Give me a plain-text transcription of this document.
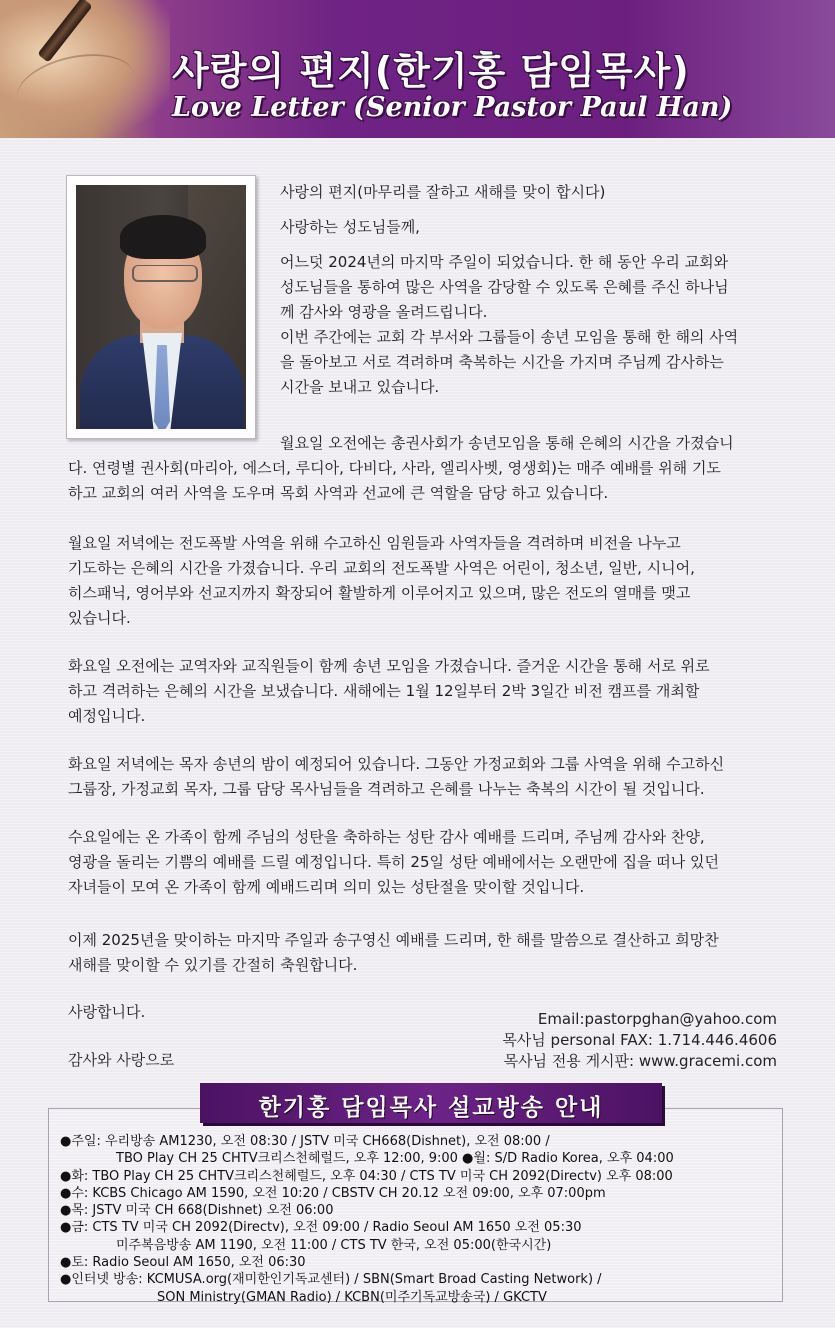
사랑의 편지(한기홍 담임목사)
Love Letter (Senior Pastor Paul Han)

사랑의 편지(마무리를 잘하고 새해를 맞이 합시다)

사랑하는 성도님들께,

어느덧 2024년의 마지막 주일이 되었습니다. 한 해 동안 우리 교회와

성도님들을 통하여 많은 사역을 감당할 수 있도록 은혜를 주신 하나님

께 감사와 영광을 올려드립니다.

이번 주간에는 교회 각 부서와 그룹들이 송년 모임을 통해 한 해의 사역

을 돌아보고 서로 격려하며 축복하는 시간을 가지며 주님께 감사하는

시간을 보내고 있습니다.

월요일 오전에는 총권사회가 송년모임을 통해 은혜의 시간을 가졌습니

다. 연령별 권사회(마리아, 에스더, 루디아, 다비다, 사라, 엘리사벳, 영생회)는 매주 예배를 위해 기도

하고 교회의 여러 사역을 도우며 목회 사역과 선교에 큰 역할을 담당 하고 있습니다.

월요일 저녁에는 전도폭발 사역을 위해 수고하신 임원들과 사역자들을 격려하며 비전을 나누고

기도하는 은혜의 시간을 가졌습니다. 우리 교회의 전도폭발 사역은 어린이, 청소년, 일반, 시니어,

히스패닉, 영어부와 선교지까지 확장되어 활발하게 이루어지고 있으며, 많은 전도의 열매를 맺고

있습니다.

화요일 오전에는 교역자와 교직원들이 함께 송년 모임을 가졌습니다. 즐거운 시간을 통해 서로 위로

하고 격려하는 은혜의 시간을 보냈습니다. 새해에는 1월 12일부터 2박 3일간 비전 캠프를 개최할

예정입니다.

화요일 저녁에는 목자 송년의 밤이 예정되어 있습니다. 그동안 가정교회와 그룹 사역을 위해 수고하신

그룹장, 가정교회 목자, 그룹 담당 목사님들을 격려하고 은혜를 나누는 축복의 시간이 될 것입니다.

수요일에는 온 가족이 함께 주님의 성탄을 축하하는 성탄 감사 예배를 드리며, 주님께 감사와 찬양,

영광을 돌리는 기쁨의 예배를 드릴 예정입니다. 특히 25일 성탄 예배에서는 오랜만에 집을 떠나 있던

자녀들이 모여 온 가족이 함께 예배드리며 의미 있는 성탄절을 맞이할 것입니다.

이제 2025년을 맞이하는 마지막 주일과 송구영신 예배를 드리며, 한 해를 말씀으로 결산하고 희망찬

새해를 맞이할 수 있기를 간절히 축원합니다.

사랑합니다.
감사와 사랑으로
Email:pastorpghan@yahoo.com
목사님 personal FAX: 1.714.446.4606
목사님 전용 게시판: www.gracemi.com
한기홍 담임목사 설교방송 안내
●주일: 우리방송 AM1230, 오전 08:30 / JSTV 미국 CH668(Dishnet), 오전 08:00 /
TBO Play CH 25 CHTV크리스천헤럴드, 오후 12:00, 9:00 ●월: S/D Radio Korea, 오후 04:00
●화: TBO Play CH 25 CHTV크리스천헤럴드, 오후 04:30 / CTS TV 미국 CH 2092(Directv) 오후 08:00
●수: KCBS Chicago AM 1590, 오전 10:20 / CBSTV CH 20.12 오전 09:00, 오후 07:00pm
●목: JSTV 미국 CH 668(Dishnet) 오전 06:00
●금: CTS TV 미국 CH 2092(Directv), 오전 09:00 / Radio Seoul AM 1650 오전 05:30
미주복음방송 AM 1190, 오전 11:00 / CTS TV 한국, 오전 05:00(한국시간)
●토: Radio Seoul AM 1650, 오전 06:30
●인터넷 방송: KCMUSA.org(재미한인기독교센터) / SBN(Smart Broad Casting Network) /
SON Ministry(GMAN Radio) / KCBN(미주기독교방송국) / GKCTV
